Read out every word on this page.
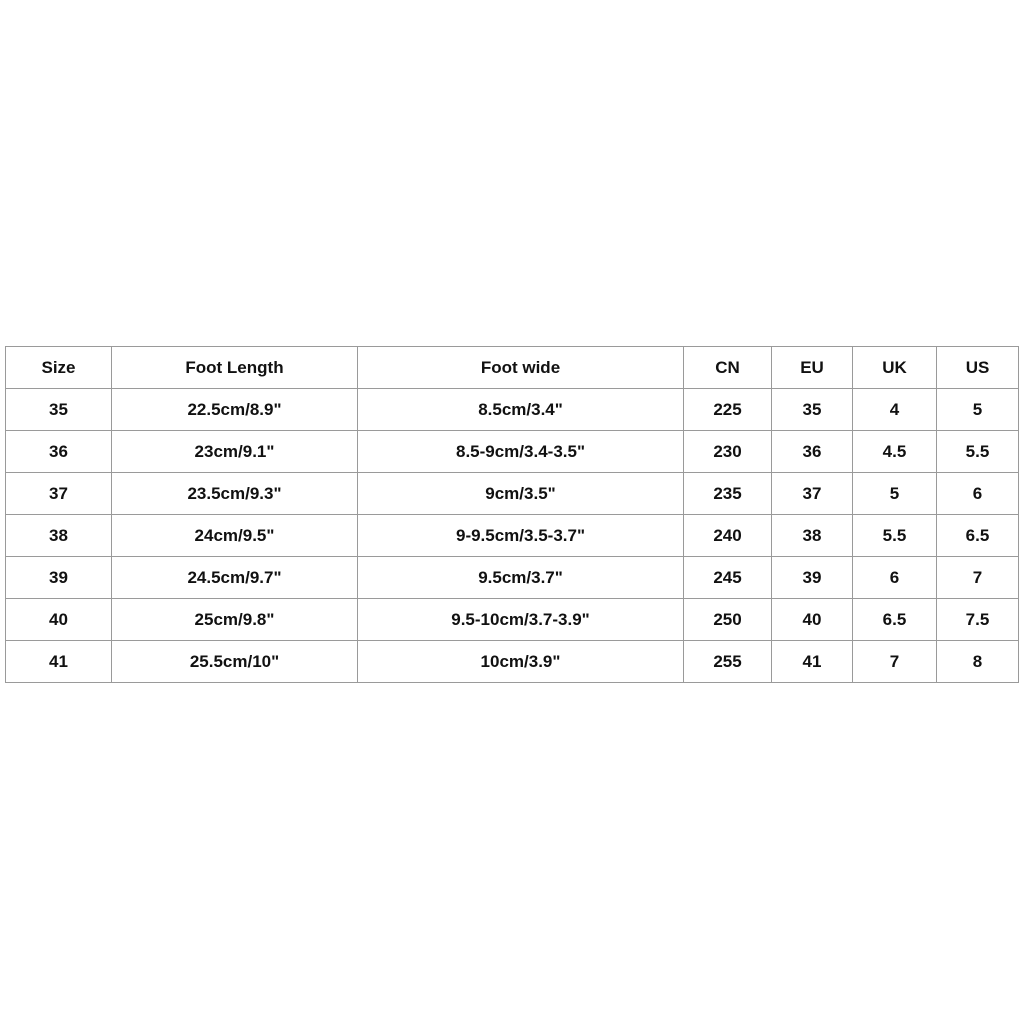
Size	Foot Length	Foot wide	CN	EU	UK	US
35	22.5cm/8.9"	8.5cm/3.4"	225	35	4	5
36	23cm/9.1"	8.5-9cm/3.4-3.5"	230	36	4.5	5.5
37	23.5cm/9.3"	9cm/3.5"	235	37	5	6
38	24cm/9.5"	9-9.5cm/3.5-3.7"	240	38	5.5	6.5
39	24.5cm/9.7"	9.5cm/3.7"	245	39	6	7
40	25cm/9.8"	9.5-10cm/3.7-3.9"	250	40	6.5	7.5
41	25.5cm/10"	10cm/3.9"	255	41	7	8
